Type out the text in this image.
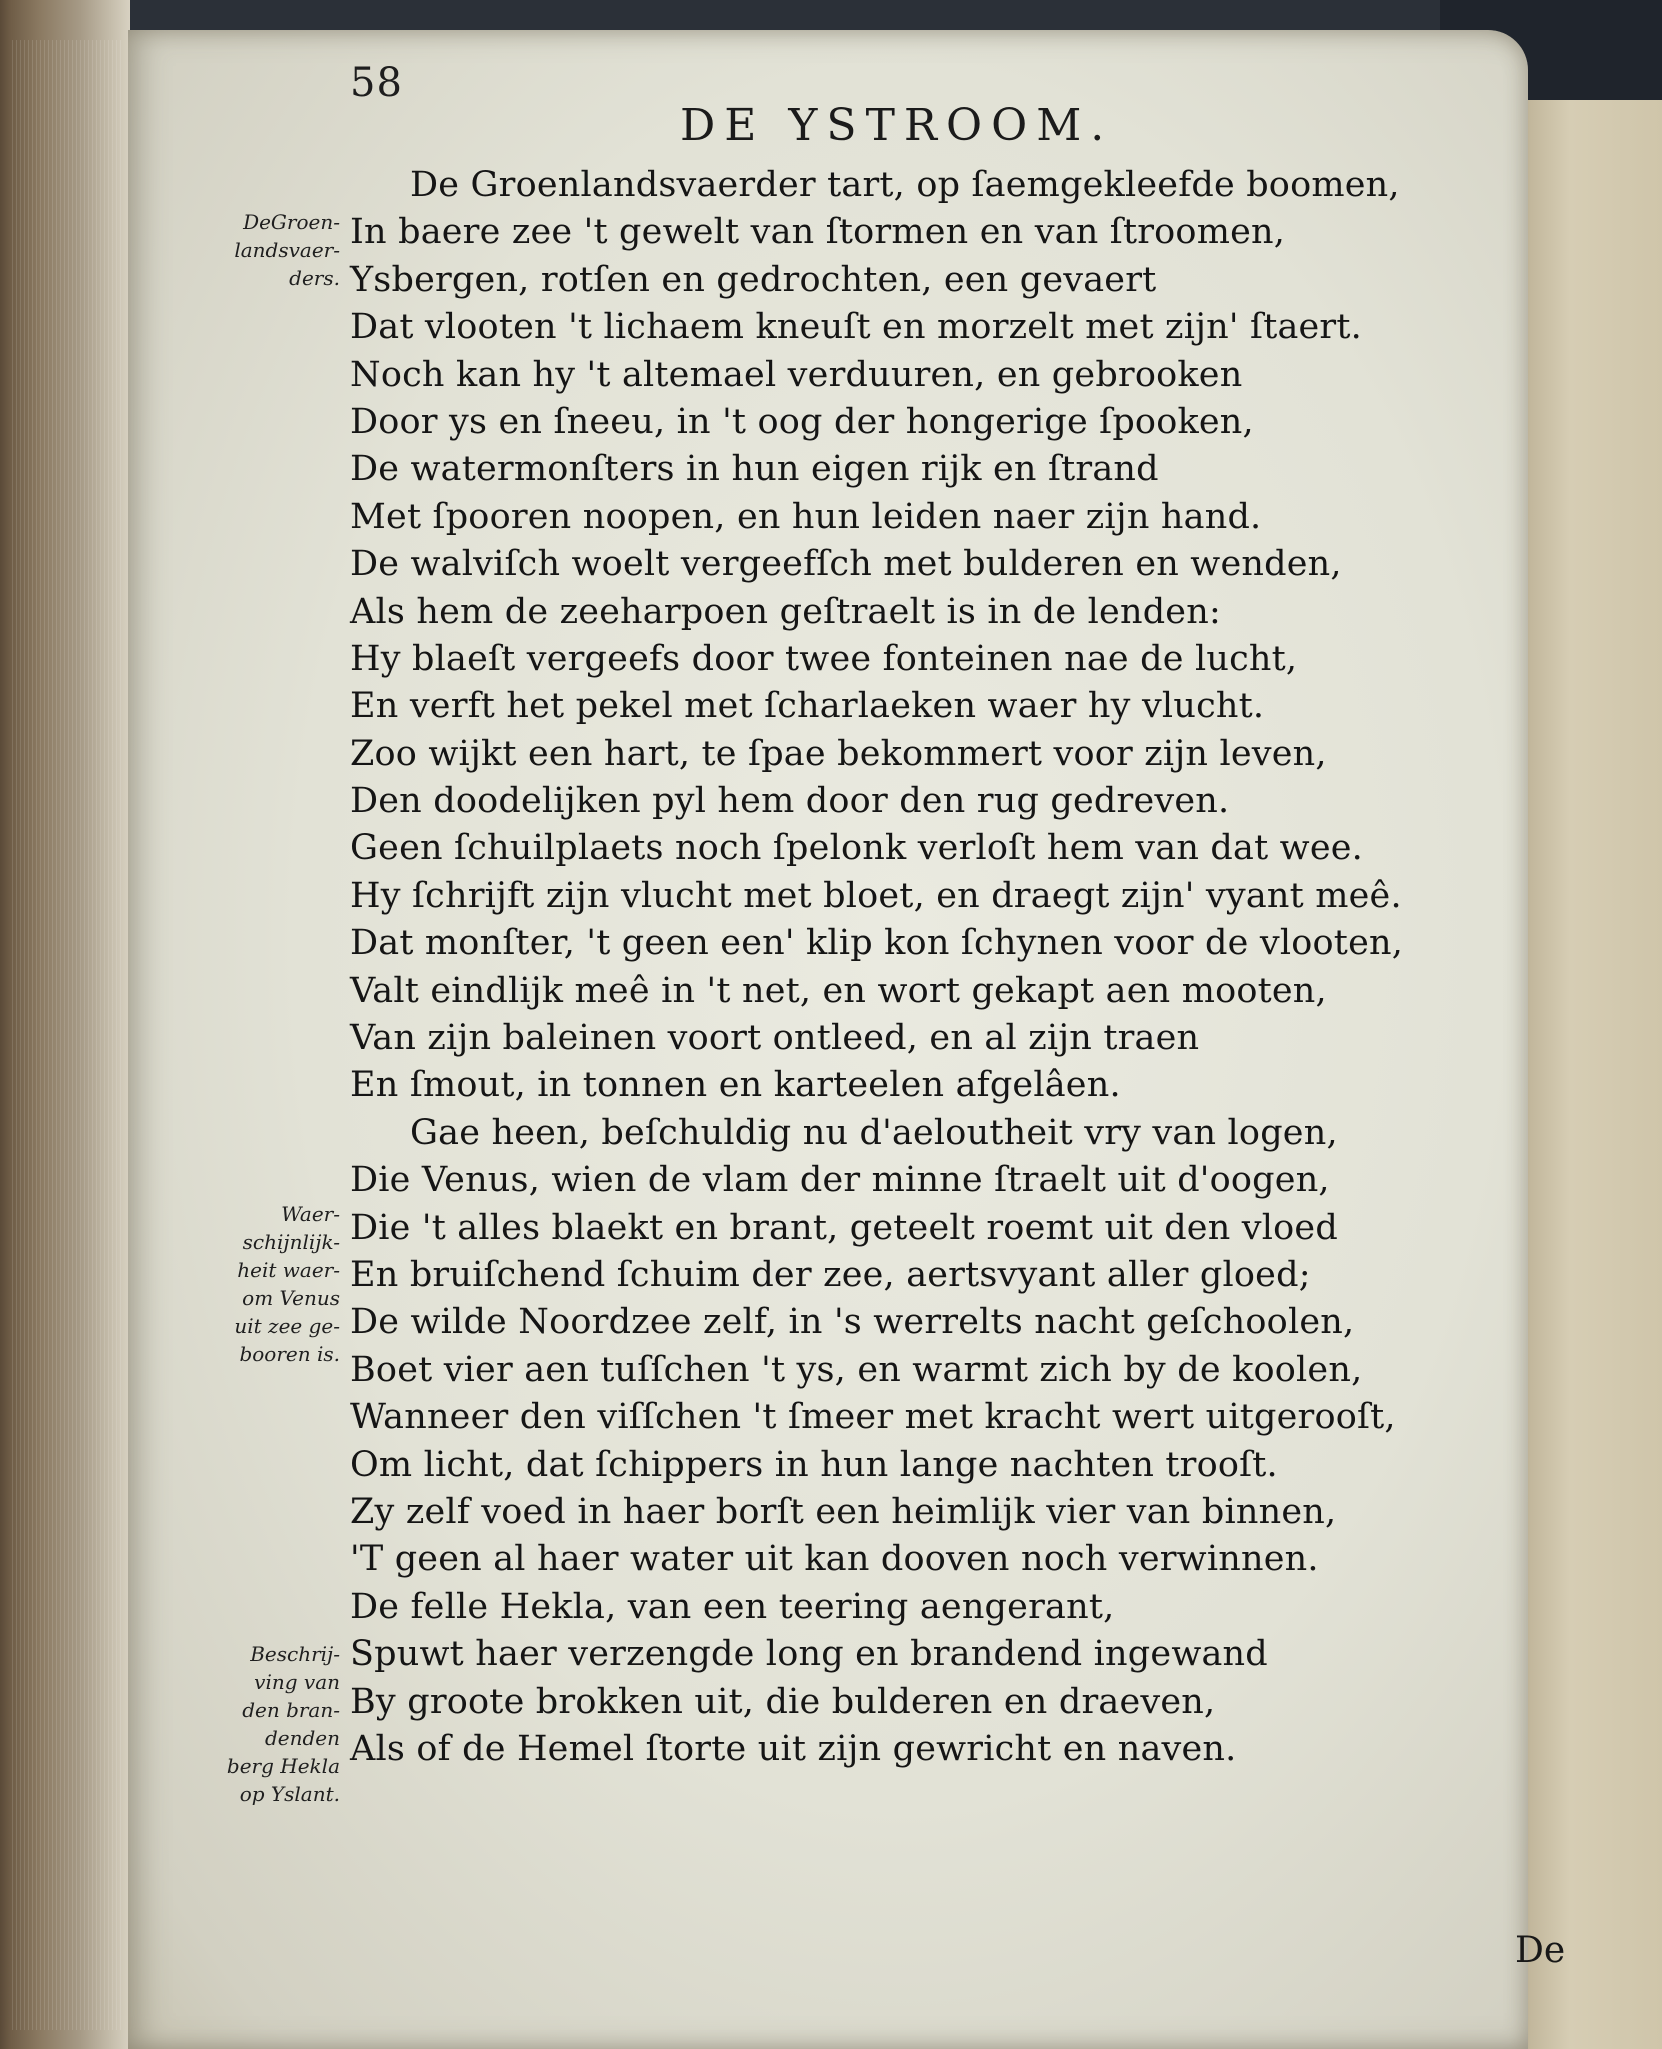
58
DE YSTROOM.
DeGroen-
landsvaer-
ders.
Waer-
schijnlijk-
heit waer-
om Venus
uit zee ge-
booren is.
Beschrij-
ving van
den bran-
denden
berg Hekla
op Yslant.
De Groenlandsvaerder tart, op ſaemgekleefde boomen,
In baere zee 't gewelt van ſtormen en van ſtroomen,
Ysbergen, rotſen en gedrochten, een gevaert
Dat vlooten 't lichaem kneuſt en morzelt met zijn' ſtaert.
Noch kan hy 't altemael verduuren, en gebrooken
Door ys en ſneeu, in 't oog der hongerige ſpooken,
De watermonſters in hun eigen rijk en ſtrand
Met ſpooren noopen, en hun leiden naer zijn hand.
De walviſch woelt vergeefſch met bulderen en wenden,
Als hem de zeeharpoen geſtraelt is in de lenden:
Hy blaeſt vergeefs door twee fonteinen nae de lucht,
En verft het pekel met ſcharlaeken waer hy vlucht.
Zoo wijkt een hart, te ſpae bekommert voor zijn leven,
Den doodelijken pyl hem door den rug gedreven.
Geen ſchuilplaets noch ſpelonk verloſt hem van dat wee.
Hy ſchrijft zijn vlucht met bloet, en draegt zijn' vyant meê.
Dat monſter, 't geen een' klip kon ſchynen voor de vlooten,
Valt eindlijk meê in 't net, en wort gekapt aen mooten,
Van zijn baleinen voort ontleed, en al zijn traen
En ſmout, in tonnen en karteelen afgelâen.
Gae heen, beſchuldig nu d'aeloutheit vry van logen,
Die Venus, wien de vlam der minne ſtraelt uit d'oogen,
Die 't alles blaekt en brant, geteelt roemt uit den vloed
En bruiſchend ſchuim der zee, aertsvyant aller gloed;
De wilde Noordzee zelf, in 's werrelts nacht geſchoolen,
Boet vier aen tuſſchen 't ys, en warmt zich by de koolen,
Wanneer den viſſchen 't ſmeer met kracht wert uitgerooſt,
Om licht, dat ſchippers in hun lange nachten trooſt.
Zy zelf voed in haer borſt een heimlijk vier van binnen,
'T geen al haer water uit kan dooven noch verwinnen.
De felle Hekla, van een teering aengerant,
Spuwt haer verzengde long en brandend ingewand
By groote brokken uit, die bulderen en draeven,
Als of de Hemel ſtorte uit zijn gewricht en naven.
De
